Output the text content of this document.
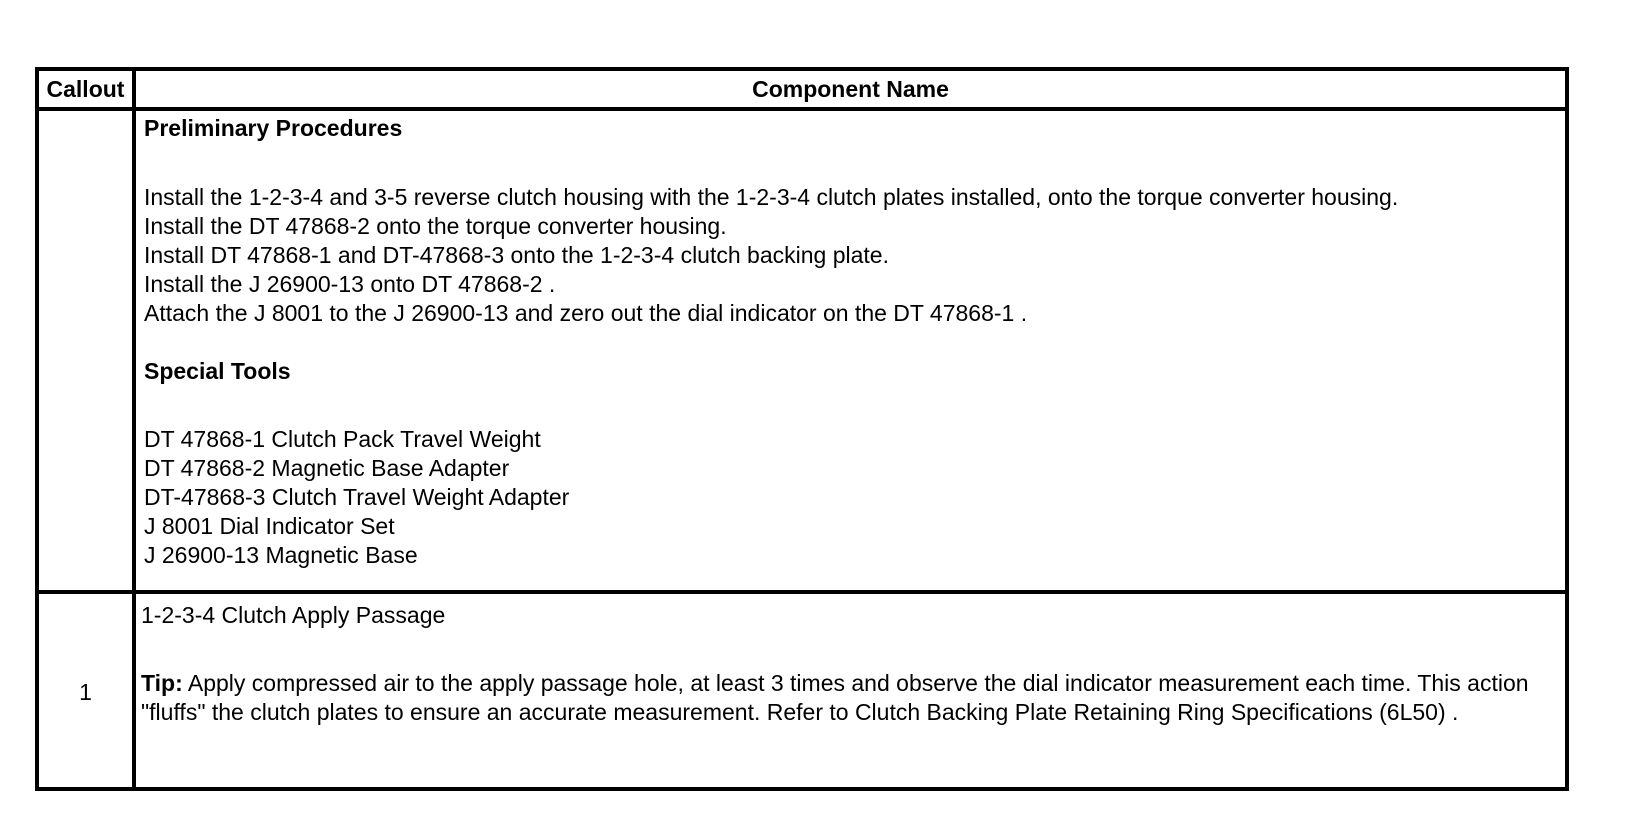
Callout	Component Name
Preliminary Procedures
Install the 1-2-3-4 and 3-5 reverse clutch housing with the 1-2-3-4 clutch plates installed, onto the torque converter housing.
Install the DT 47868-2 onto the torque converter housing.
Install DT 47868-1 and DT-47868-3 onto the 1-2-3-4 clutch backing plate.
Install the J 26900-13 onto DT 47868-2 .
Attach the J 8001 to the J 26900-13 and zero out the dial indicator on the DT 47868-1 .
Special Tools
DT 47868-1 Clutch Pack Travel Weight
DT 47868-2 Magnetic Base Adapter
DT-47868-3 Clutch Travel Weight Adapter
J 8001 Dial Indicator Set
J 26900-13 Magnetic Base
1
1-2-3-4 Clutch Apply Passage
Tip: Apply compressed air to the apply passage hole, at least 3 times and observe the dial indicator measurement each time. This action "fluffs" the clutch plates to ensure an accurate measurement. Refer to Clutch Backing Plate Retaining Ring Specifications (6L50) .
